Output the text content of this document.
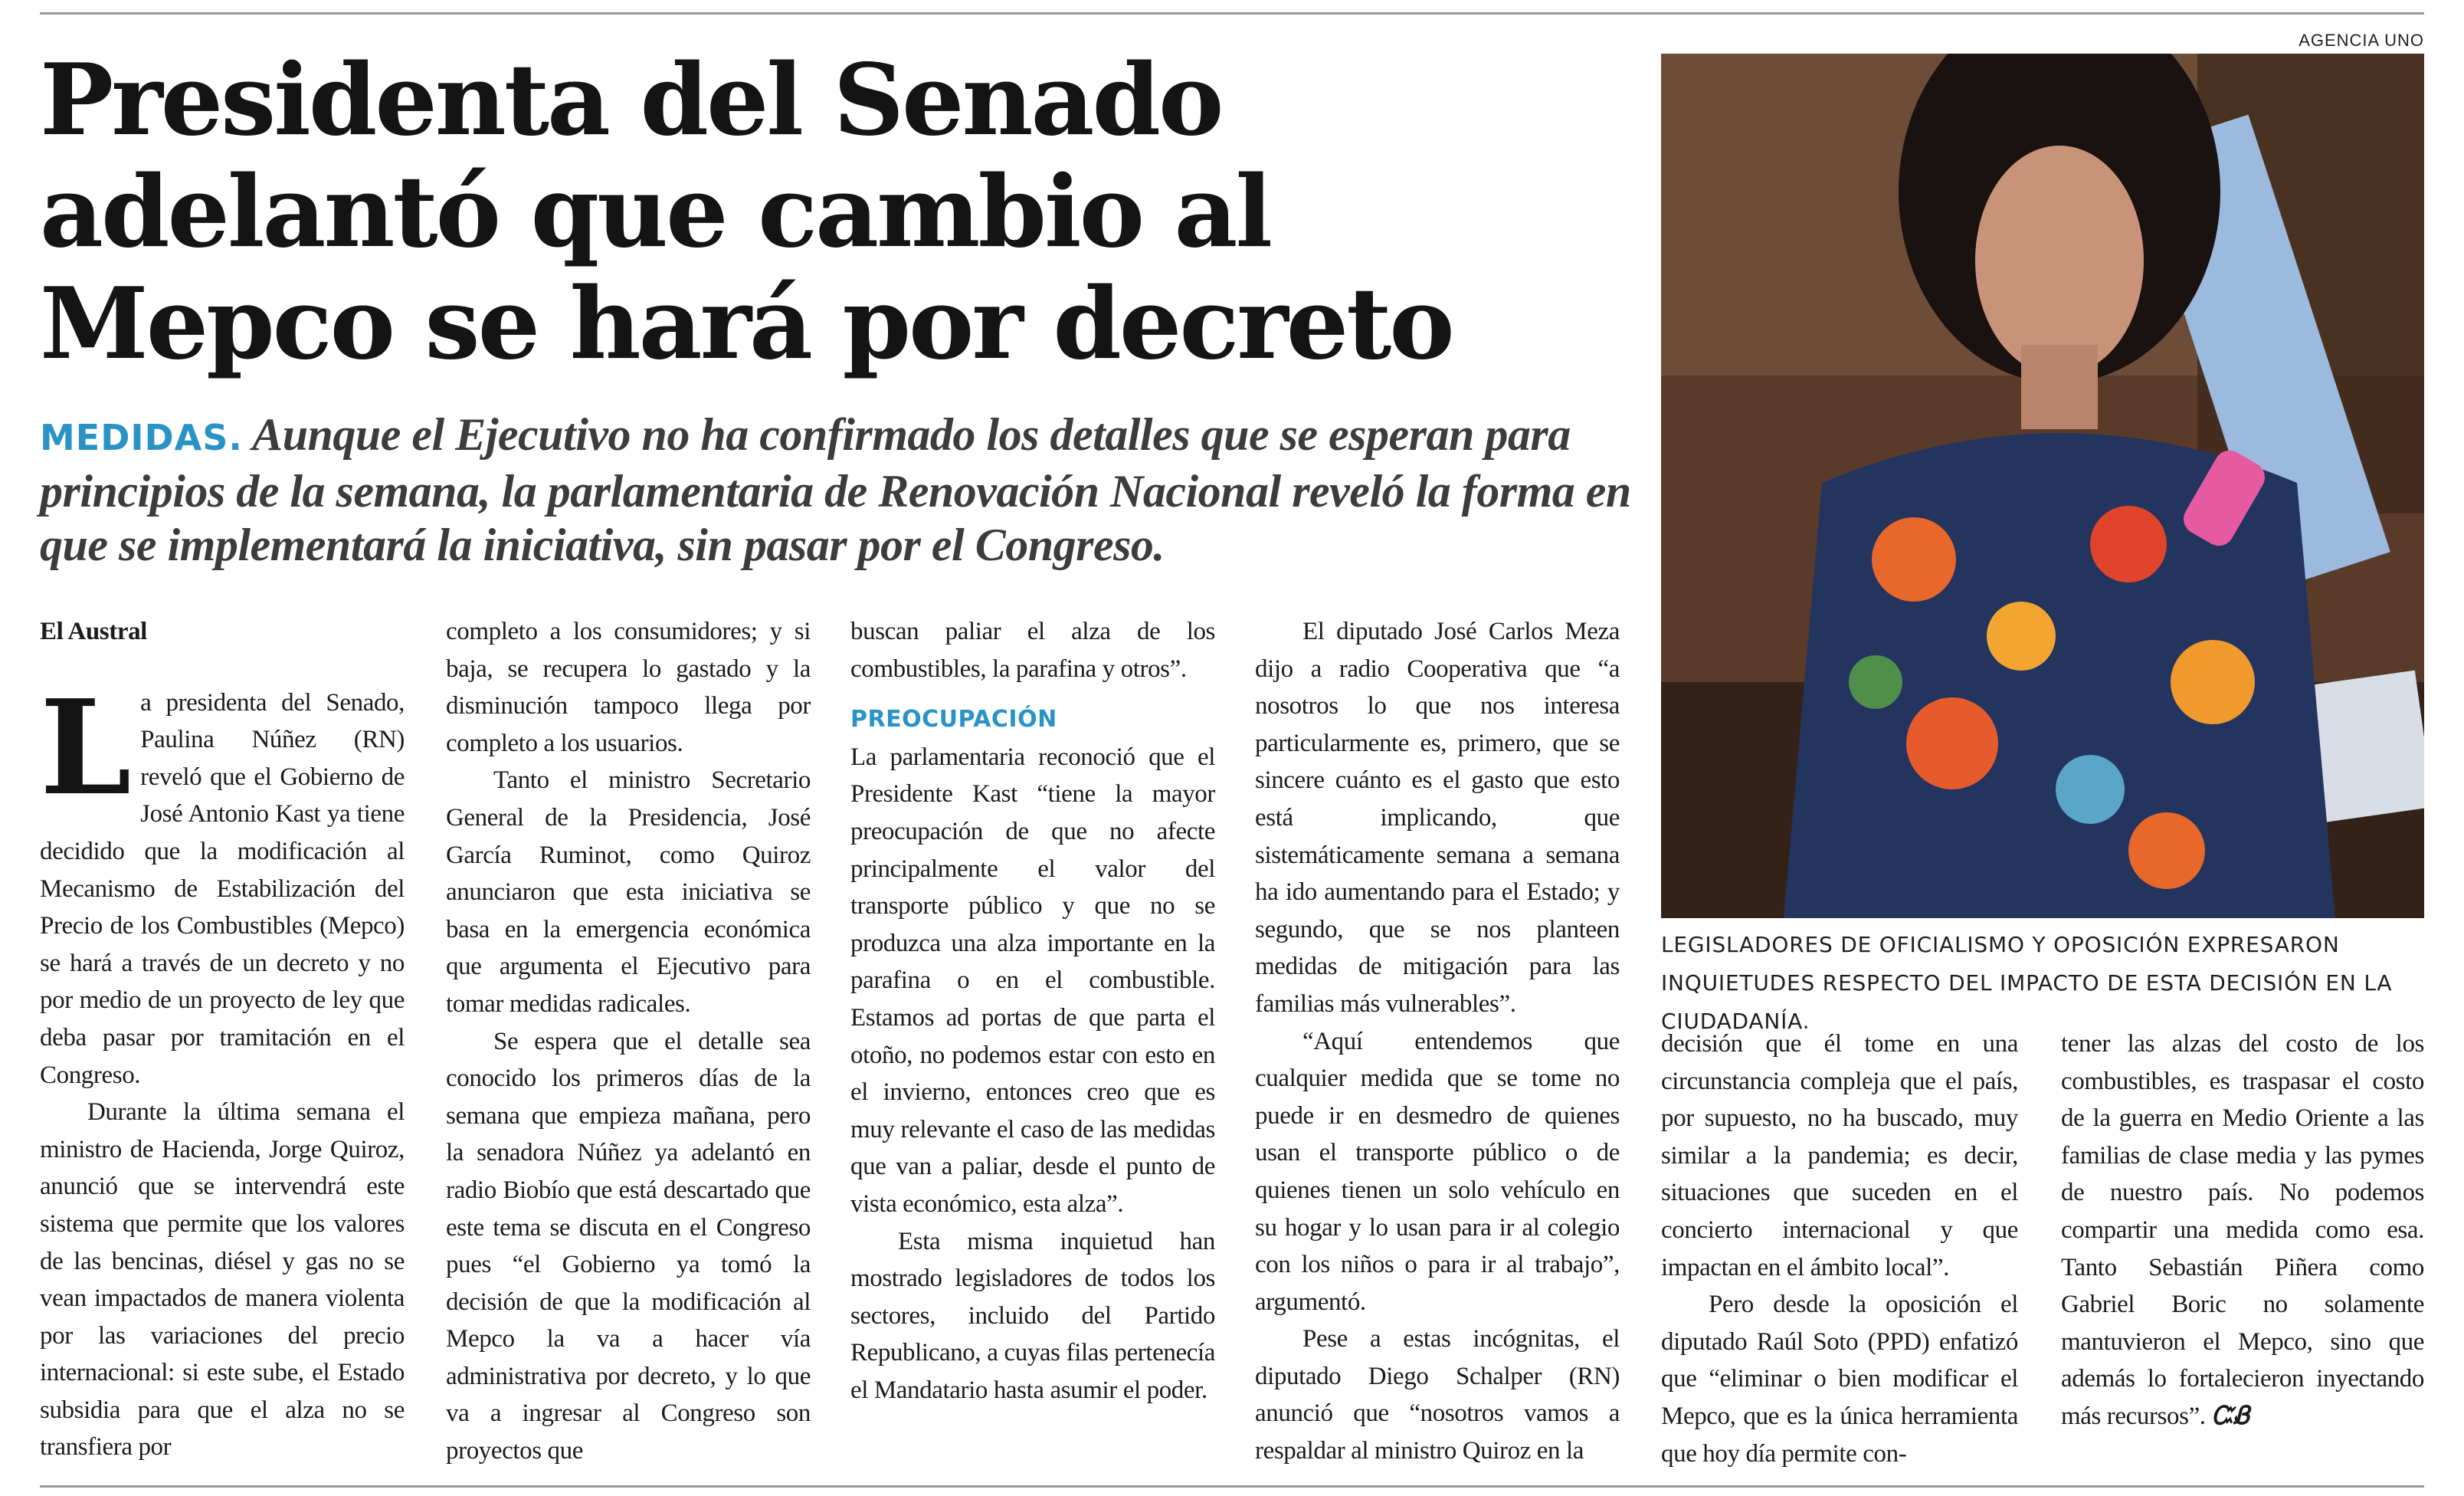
Presidenta del Senado adelantó que cambio al Mepco se hará por decreto

MEDIDAS. Aunque el Ejecutivo no ha confirmado los detalles que se esperan para principios de la semana, la parlamentaria de Renovación Nacional reveló la forma en que se implementará la iniciativa, sin pasar por el Congreso.

AGENCIA UNO

LEGISLADORES DE OFICIALISMO Y OPOSICIÓN EXPRESARON INQUIETUDES RESPECTO DEL IMPACTO DE ESTA DECISIÓN EN LA CIUDADANÍA.

El Austral

La presidenta del Senado, Paulina Núñez (RN) reveló que el Gobierno de José Antonio Kast ya tiene decidido que la modificación al Mecanismo de Estabilización del Precio de los Combustibles (Mepco) se hará a través de un decreto y no por medio de un proyecto de ley que deba pasar por tramitación en el Congreso.

Durante la última semana el ministro de Hacienda, Jorge Quiroz, anunció que se intervendrá este sistema que permite que los valores de las bencinas, diésel y gas no se vean impactados de manera violenta por las variaciones del precio internacional: si este sube, el Estado subsidia para que el alza no se transfiera por

completo a los consumidores; y si baja, se recupera lo gastado y la disminución tampoco llega por completo a los usuarios.

Tanto el ministro Secretario General de la Presidencia, José García Ruminot, como Quiroz anunciaron que esta iniciativa se basa en la emergencia económica que argumenta el Ejecutivo para tomar medidas radicales.

Se espera que el detalle sea conocido los primeros días de la semana que empieza mañana, pero la senadora Núñez ya adelantó en radio Biobío que está descartado que este tema se discuta en el Congreso pues “el Gobierno ya tomó la decisión de que la modificación al Mepco la va a hacer vía administrativa por decreto, y lo que va a ingresar al Congreso son proyectos que

buscan paliar el alza de los combustibles, la parafina y otros”.

PREOCUPACIÓN

La parlamentaria reconoció que el Presidente Kast “tiene la mayor preocupación de que no afecte principalmente el valor del transporte público y que no se produzca una alza importante en la parafina o en el combustible. Estamos ad portas de que parta el otoño, no podemos estar con esto en el invierno, entonces creo que es muy relevante el caso de las medidas que van a paliar, desde el punto de vista económico, esta alza”.

Esta misma inquietud han mostrado legisladores de todos los sectores, incluido del Partido Republicano, a cuyas filas pertenecía el Mandatario hasta asumir el poder.

El diputado José Carlos Meza dijo a radio Cooperativa que “a nosotros lo que nos interesa particularmente es, primero, que se sincere cuánto es el gasto que esto está implicando, que sistemáticamente semana a semana ha ido aumentando para el Estado; y segundo, que se nos planteen medidas de mitigación para las familias más vulnerables”.

“Aquí entendemos que cualquier medida que se tome no puede ir en desmedro de quienes usan el transporte público o de quienes tienen un solo vehículo en su hogar y lo usan para ir al colegio con los niños o para ir al trabajo”, argumentó.

Pese a estas incógnitas, el diputado Diego Schalper (RN) anunció que “nosotros vamos a respaldar al ministro Quiroz en la

decisión que él tome en una circunstancia compleja que el país, por supuesto, no ha buscado, muy similar a la pandemia; es decir, situaciones que suceden en el concierto internacional y que impactan en el ámbito local”.

Pero desde la oposición el diputado Raúl Soto (PPD) enfatizó que “eliminar o bien modificar el Mepco, que es la única herramienta que hoy día permite con-

tener las alzas del costo de los combustibles, es traspasar el costo de la guerra en Medio Oriente a las familias de clase media y las pymes de nuestro país. No podemos compartir una medida como esa. Tanto Sebastián Piñera como Gabriel Boric no solamente mantuvieron el Mepco, sino que además lo fortalecieron inyectando más recursos”. ᏨᏰ
